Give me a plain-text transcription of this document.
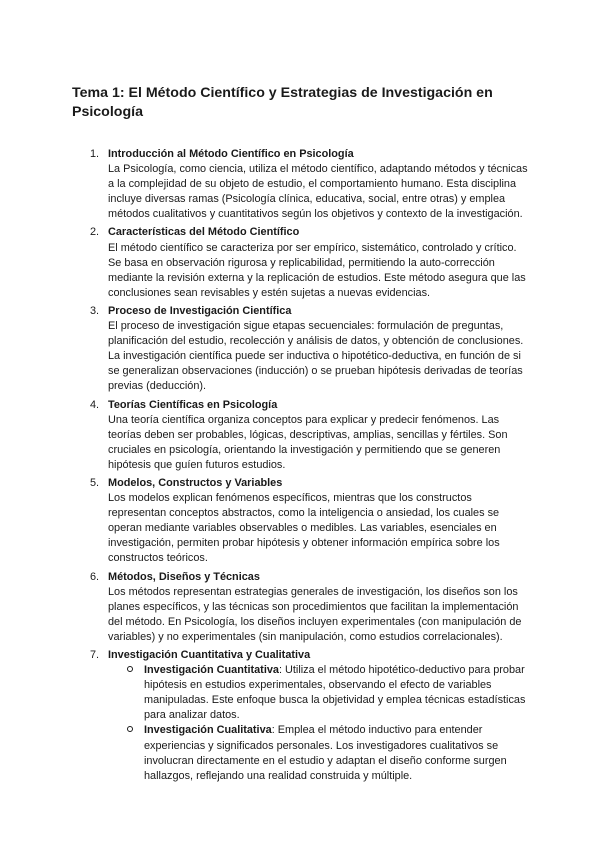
Tema 1: El Método Científico y Estrategias de Investigación en Psicología
1. Introducción al Método Científico en Psicología
La Psicología, como ciencia, utiliza el método científico, adaptando métodos y técnicas a la complejidad de su objeto de estudio, el comportamiento humano. Esta disciplina incluye diversas ramas (Psicología clínica, educativa, social, entre otras) y emplea métodos cualitativos y cuantitativos según los objetivos y contexto de la investigación.
2. Características del Método Científico
El método científico se caracteriza por ser empírico, sistemático, controlado y crítico. Se basa en observación rigurosa y replicabilidad, permitiendo la auto-corrección mediante la revisión externa y la replicación de estudios. Este método asegura que las conclusiones sean revisables y estén sujetas a nuevas evidencias.
3. Proceso de Investigación Científica
El proceso de investigación sigue etapas secuenciales: formulación de preguntas, planificación del estudio, recolección y análisis de datos, y obtención de conclusiones. La investigación científica puede ser inductiva o hipotético-deductiva, en función de si se generalizan observaciones (inducción) o se prueban hipótesis derivadas de teorías previas (deducción).
4. Teorías Científicas en Psicología
Una teoría científica organiza conceptos para explicar y predecir fenómenos. Las teorías deben ser probables, lógicas, descriptivas, amplias, sencillas y fértiles. Son cruciales en psicología, orientando la investigación y permitiendo que se generen hipótesis que guíen futuros estudios.
5. Modelos, Constructos y Variables
Los modelos explican fenómenos específicos, mientras que los constructos representan conceptos abstractos, como la inteligencia o ansiedad, los cuales se operan mediante variables observables o medibles. Las variables, esenciales en investigación, permiten probar hipótesis y obtener información empírica sobre los constructos teóricos.
6. Métodos, Diseños y Técnicas
Los métodos representan estrategias generales de investigación, los diseños son los planes específicos, y las técnicas son procedimientos que facilitan la implementación del método. En Psicología, los diseños incluyen experimentales (con manipulación de variables) y no experimentales (sin manipulación, como estudios correlacionales).
7. Investigación Cuantitativa y Cualitativa
Investigación Cuantitativa: Utiliza el método hipotético-deductivo para probar hipótesis en estudios experimentales, observando el efecto de variables manipuladas. Este enfoque busca la objetividad y emplea técnicas estadísticas para analizar datos.
Investigación Cualitativa: Emplea el método inductivo para entender experiencias y significados personales. Los investigadores cualitativos se involucran directamente en el estudio y adaptan el diseño conforme surgen hallazgos, reflejando una realidad construida y múltiple.
